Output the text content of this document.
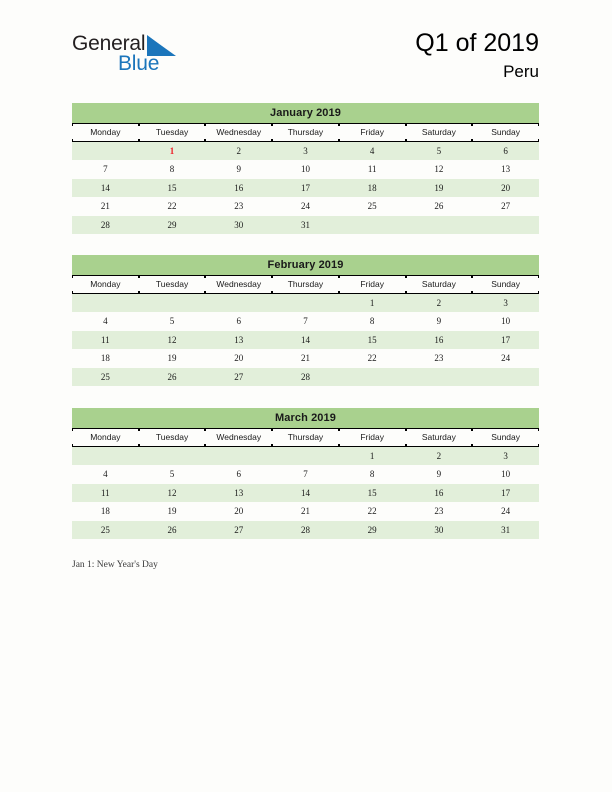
General
Blue
Q1 of 2019
Peru
January 2019						
Monday	Tuesday	Wednesday	Thursday	Friday	Saturday	Sunday

	1	2	3	4	5	6
7	8	9	10	11	12	13
14	15	16	17	18	19	20
21	22	23	24	25	26	27
28	29	30	31			
February 2019						
Monday	Tuesday	Wednesday	Thursday	Friday	Saturday	Sunday

				1	2	3
4	5	6	7	8	9	10
11	12	13	14	15	16	17
18	19	20	21	22	23	24
25	26	27	28			
March 2019						
Monday	Tuesday	Wednesday	Thursday	Friday	Saturday	Sunday

				1	2	3
4	5	6	7	8	9	10
11	12	13	14	15	16	17
18	19	20	21	22	23	24
25	26	27	28	29	30	31
Jan 1: New Year's Day
